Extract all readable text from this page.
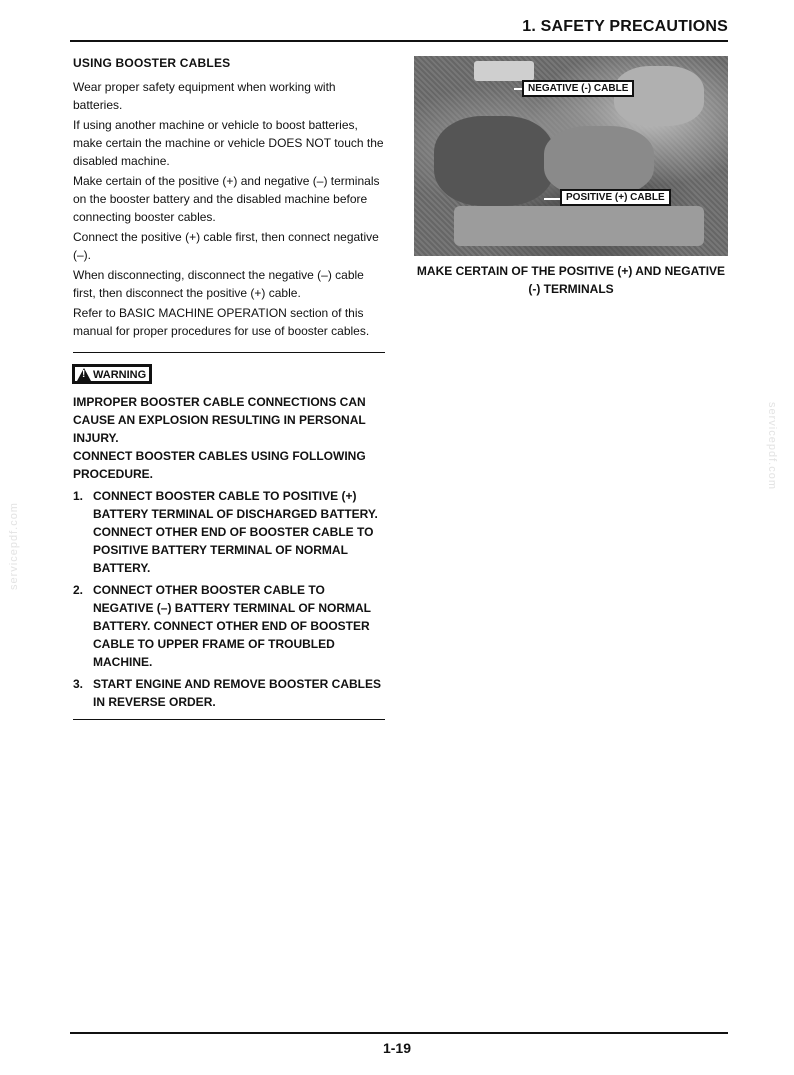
1. SAFETY PRECAUTIONS
USING BOOSTER CABLES

Wear proper safety equipment when working with batteries.

If using another machine or vehicle to boost batteries, make certain the machine or vehicle DOES NOT touch the disabled machine.

Make certain of the positive (+) and negative (–) terminals on the booster battery and the disabled machine before connecting booster cables.

Connect the positive (+) cable first, then connect negative (–).

When disconnecting, disconnect the negative (–) cable first, then disconnect the positive (+) cable.

Refer to BASIC MACHINE OPERATION section of this manual for proper procedures for use of booster cables.

!
WARNING

IMPROPER BOOSTER CABLE CONNECTIONS CAN CAUSE AN EXPLOSION RESULTING IN PERSONAL INJURY.

CONNECT BOOSTER CABLES USING FOLLOWING PROCEDURE.

1. CONNECT BOOSTER CABLE TO POSITIVE (+) BATTERY TERMINAL OF DISCHARGED BATTERY. CONNECT OTHER END OF BOOSTER CABLE TO POSITIVE BATTERY TERMINAL OF NORMAL BATTERY.
2. CONNECT OTHER BOOSTER CABLE TO NEGATIVE (–) BATTERY TERMINAL OF NORMAL BATTERY. CONNECT OTHER END OF BOOSTER CABLE TO UPPER FRAME OF TROUBLED MACHINE.
3. START ENGINE AND REMOVE BOOSTER CABLES IN REVERSE ORDER.
NEGATIVE (-) CABLE
POSITIVE (+) CABLE
MAKE CERTAIN OF THE POSITIVE (+) AND NEGATIVE (-) TERMINALS
servicepdf.com
servicepdf.com
1-19
